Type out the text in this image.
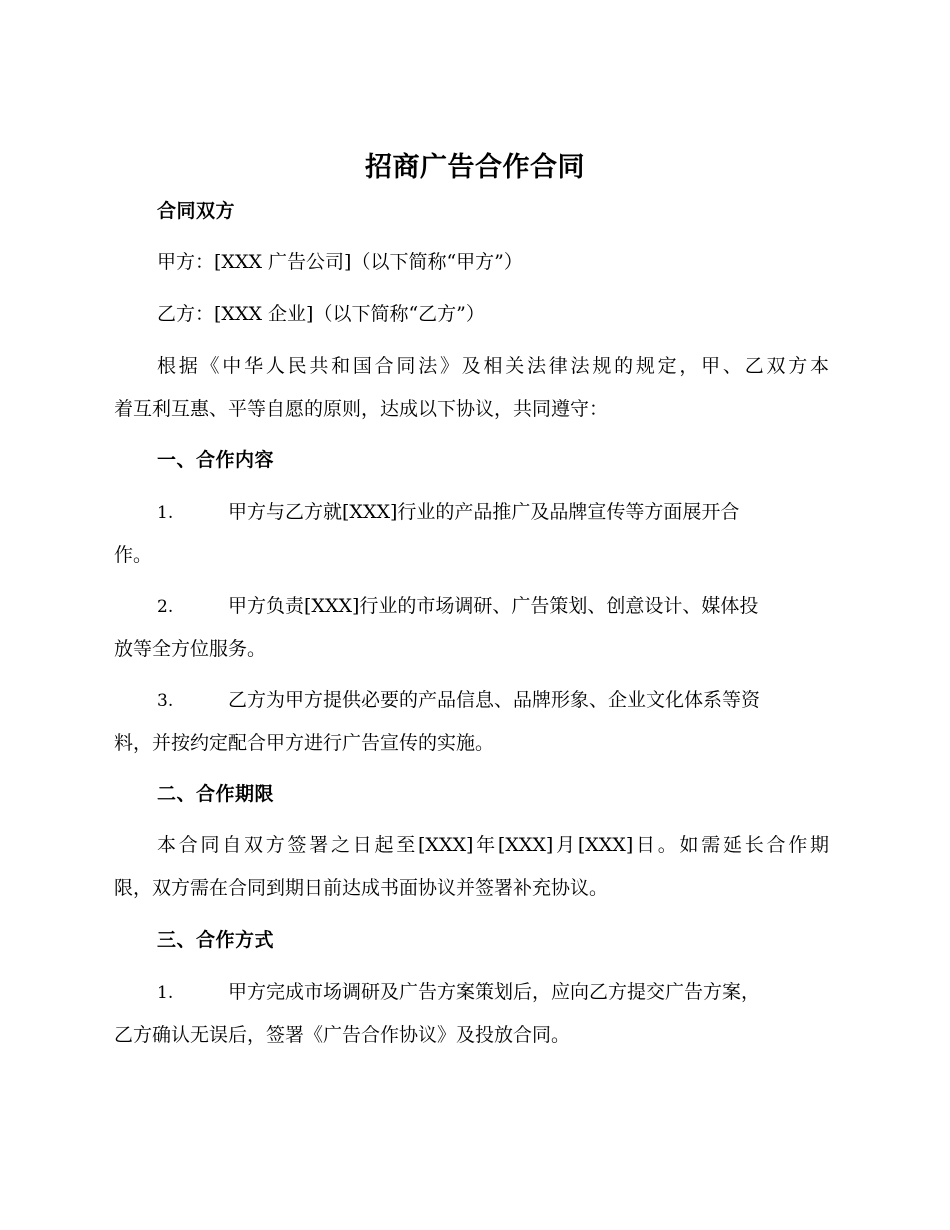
招商广告合作合同

合同双方

甲方：[XXX 广告公司]（以下简称“甲方”）

乙方：[XXX 企业]（以下简称“乙方”）

根据《中华人民共和国合同法》及相关法律法规的规定，甲、乙双方本

着互利互惠、平等自愿的原则，达成以下协议，共同遵守：

一、合作内容

1.	甲方与乙方就[XXX]行业的产品推广及品牌宣传等方面展开合

作。

2.	甲方负责[XXX]行业的市场调研、广告策划、创意设计、媒体投

放等全方位服务。

3.	乙方为甲方提供必要的产品信息、品牌形象、企业文化体系等资

料，并按约定配合甲方进行广告宣传的实施。

二、合作期限

本合同自双方签署之日起至[XXX]年[XXX]月[XXX]日。如需延长合作期

限，双方需在合同到期日前达成书面协议并签署补充协议。

三、合作方式

1.	甲方完成市场调研及广告方案策划后，应向乙方提交广告方案，

乙方确认无误后，签署《广告合作协议》及投放合同。
